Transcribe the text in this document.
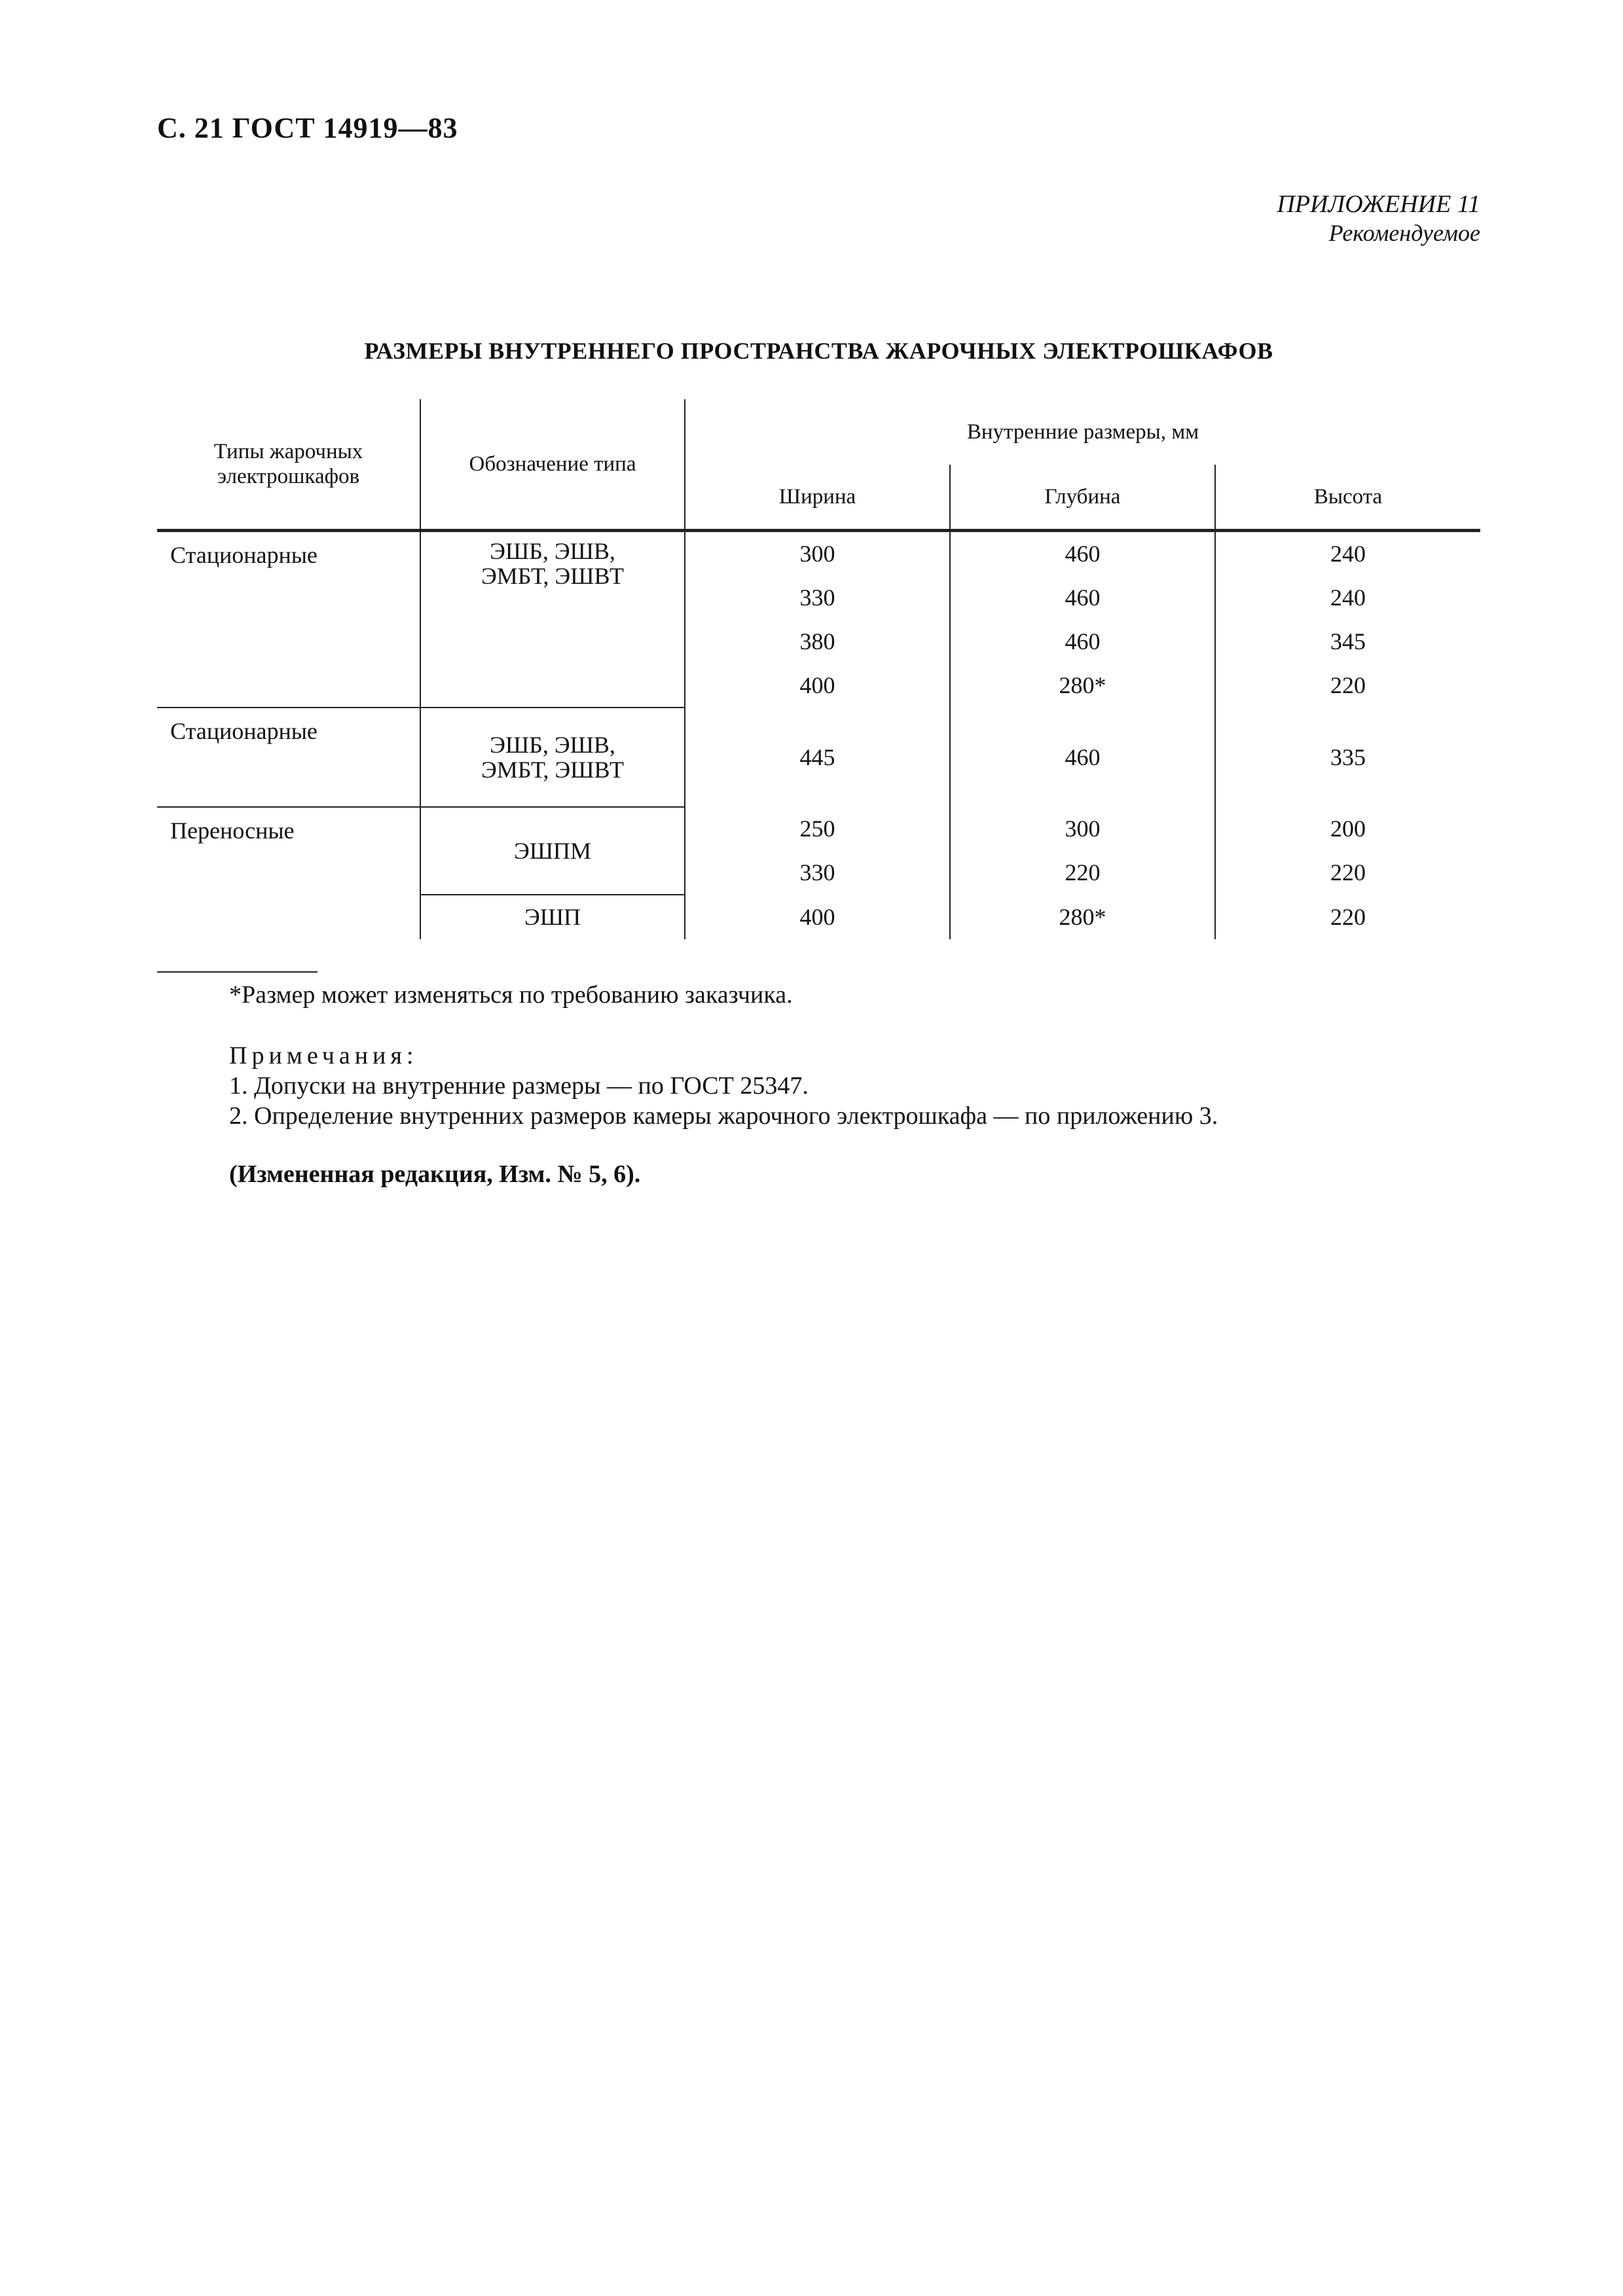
С. 21 ГОСТ 14919—83
ПРИЛОЖЕНИЕ 11
Рекомендуемое
РАЗМЕРЫ ВНУТРЕННЕГО ПРОСТРАНСТВА ЖАРОЧНЫХ ЭЛЕКТРОШКАФОВ
Типы жарочных электрошкафов	Обозначение типа	Внутренние размеры, мм		
		Ширина	Глубина	Высота
Стационарные	ЭШБ, ЭШВ, ЭМБТ, ЭШВТ	300	460	240
		330	460	240
		380	460	345
		400	280*	220
Стационарные	ЭШБ, ЭШВ, ЭМБТ, ЭШВТ	445	460	335
Переносные	ЭШПМ	250	300	200
		330	220	220
	ЭШП	400	280*	220
*Размер может изменяться по требованию заказчика.
Примечания:
1. Допуски на внутренние размеры — по ГОСТ 25347.
2. Определение внутренних размеров камеры жарочного электрошкафа — по приложению 3.
(Измененная редакция, Изм. № 5, 6).
